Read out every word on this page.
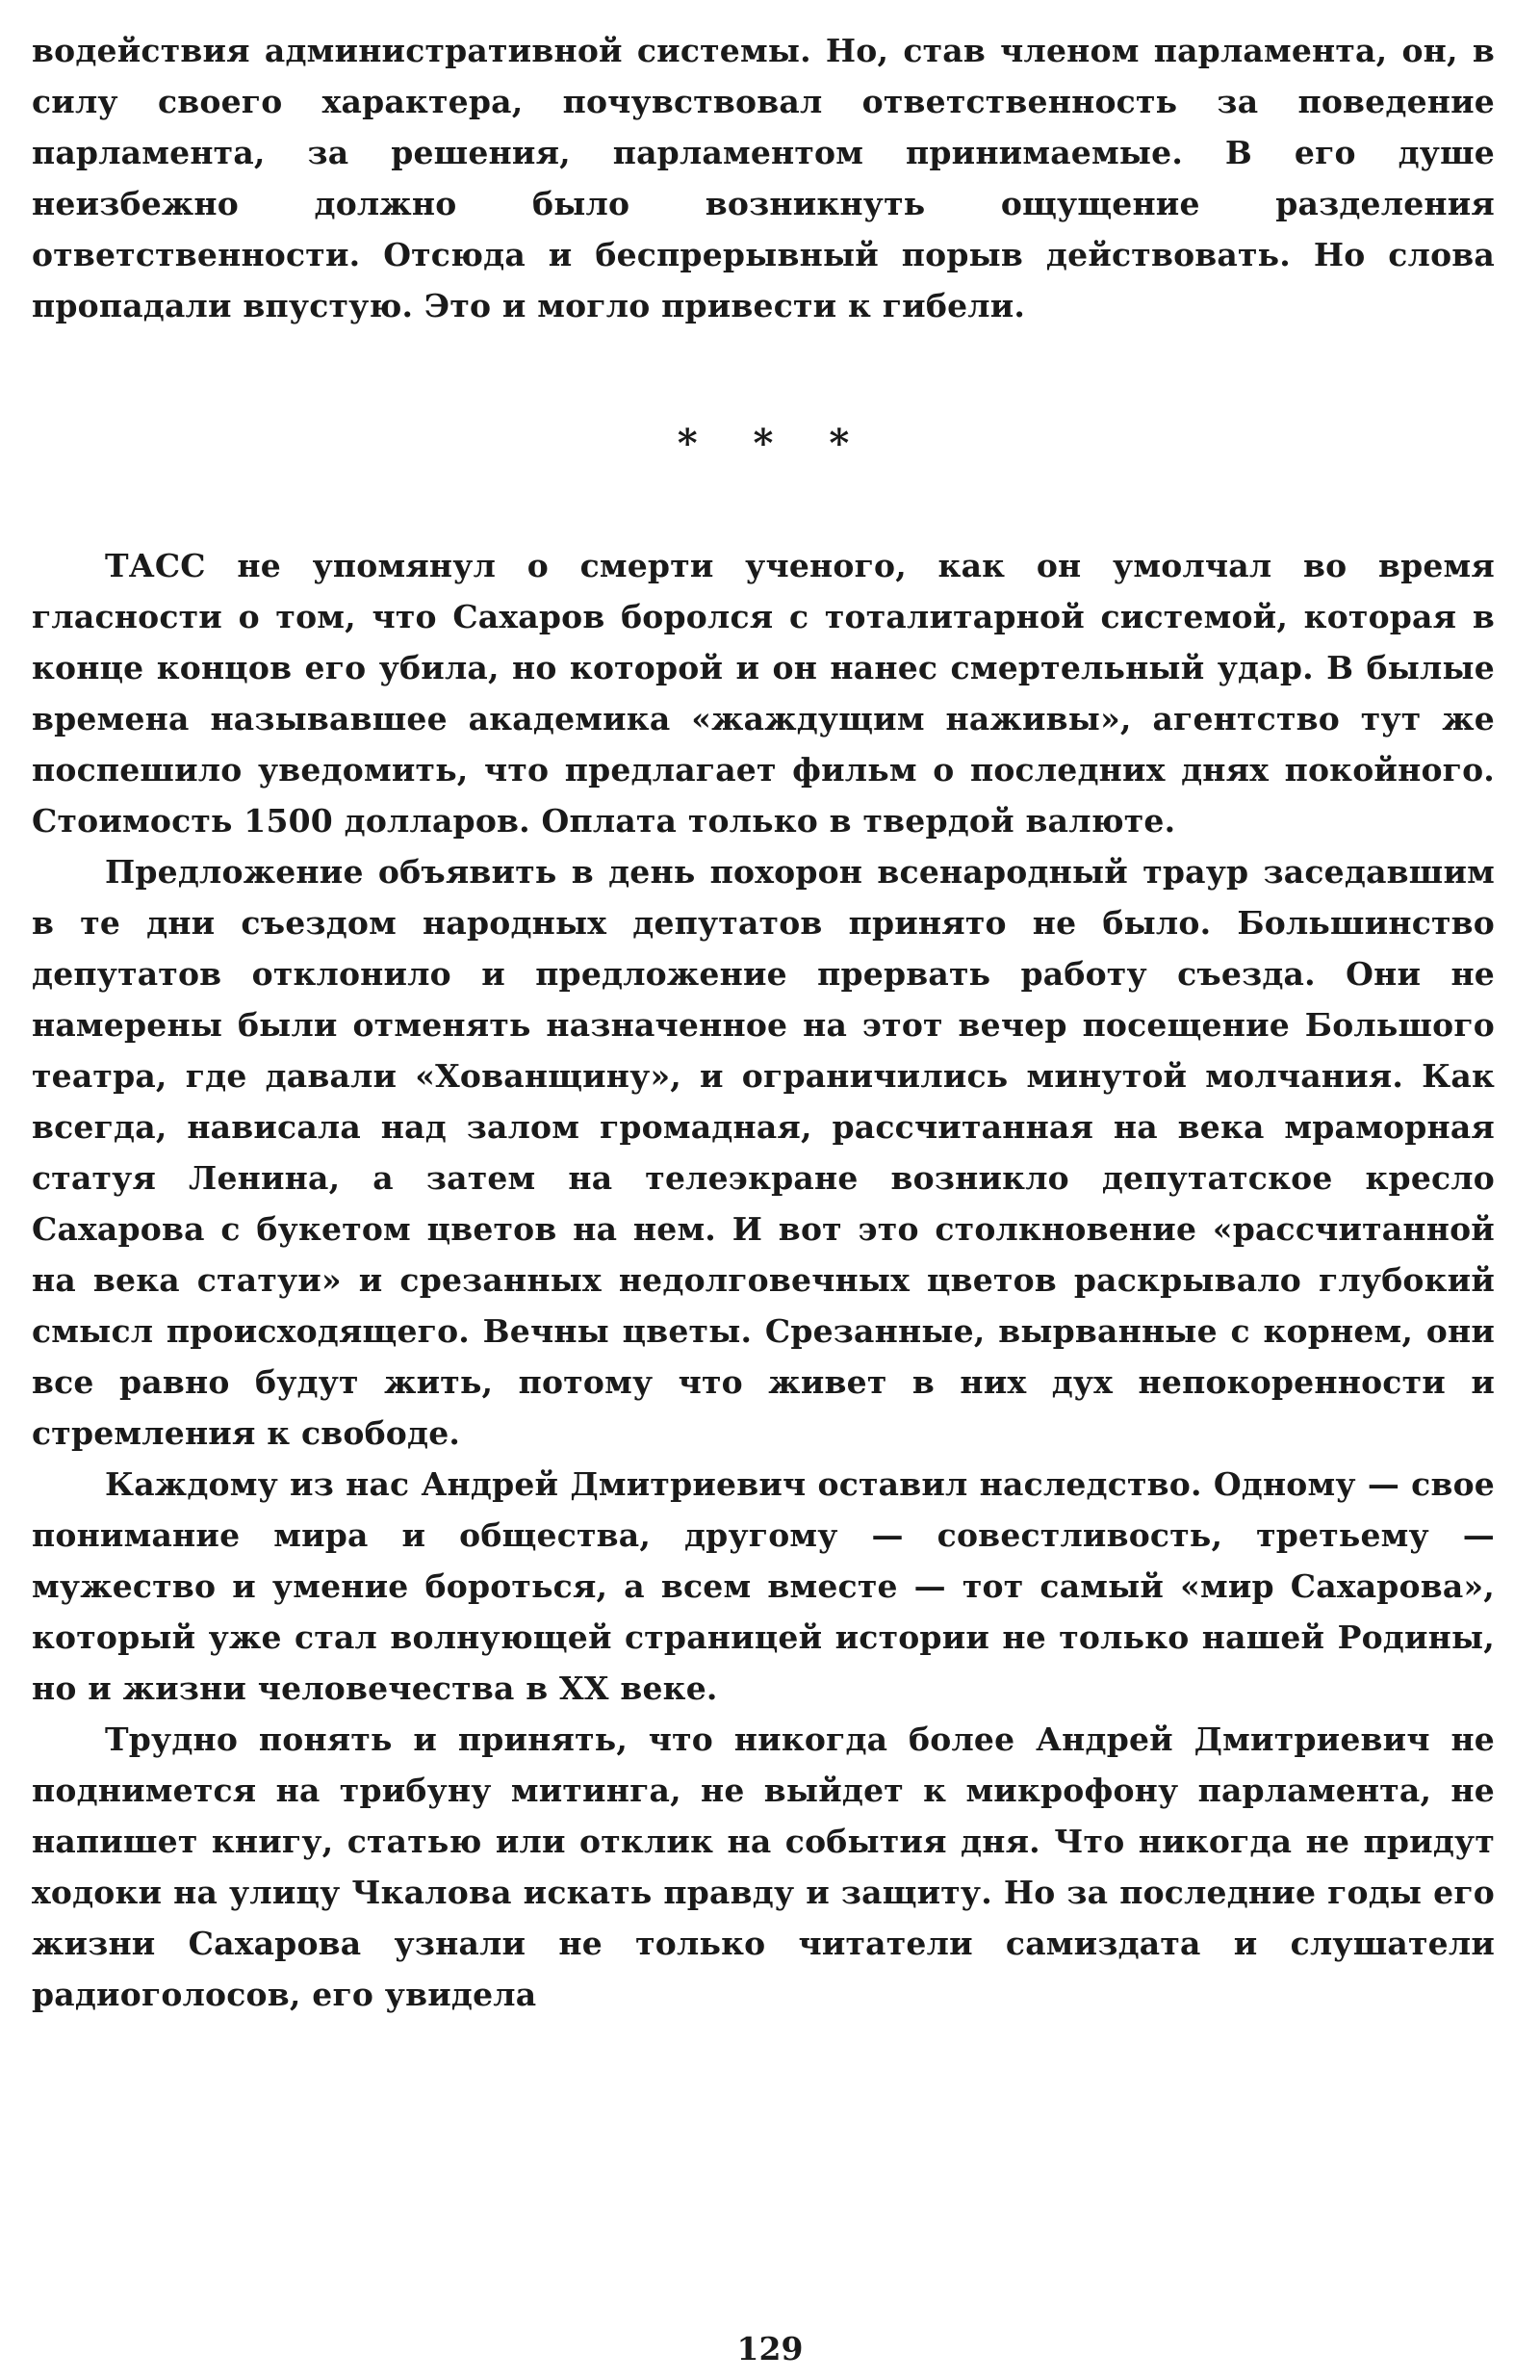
водействия административной системы. Но, став членом парламента, он, в силу своего характера, почувствовал ответственность за поведение парламента, за решения, парламентом принимаемые. В его душе неизбежно должно было возникнуть ощущение разделения ответственности. Отсюда и беспрерывный порыв действовать. Но слова пропадали впустую. Это и могло привести к гибели.

* * *

ТАСС не упомянул о смерти ученого, как он умолчал во время гласности о том, что Сахаров боролся с тоталитарной системой, которая в конце концов его убила, но которой и он нанес смертельный удар. В былые времена называвшее академика «жаждущим наживы», агентство тут же поспешило уведомить, что предлагает фильм о последних днях покойного. Стоимость 1500 долларов. Оплата только в твердой валюте.

Предложение объявить в день похорон всенародный траур заседавшим в те дни съездом народных депутатов принято не было. Большинство депутатов отклонило и предложение прервать работу съезда. Они не намерены были отменять назначенное на этот вечер посещение Большого театра, где давали «Хованщину», и ограничились минутой молчания. Как всегда, нависала над залом громадная, рассчитанная на века мраморная статуя Ленина, а затем на телеэкране возникло депутатское кресло Сахарова с букетом цветов на нем. И вот это столкновение «рассчитанной на века статуи» и срезанных недолговечных цветов раскрывало глубокий смысл происходящего. Вечны цветы. Срезанные, вырванные с корнем, они все равно будут жить, потому что живет в них дух непокоренности и стремления к свободе.

Каждому из нас Андрей Дмитриевич оставил наследство. Одному — свое понимание мира и общества, другому — совестливость, третьему — мужество и умение бороться, а всем вместе — тот самый «мир Сахарова», который уже стал волнующей страницей истории не только нашей Родины, но и жизни человечества в XX веке.

Трудно понять и принять, что никогда более Андрей Дмитриевич не поднимется на трибуну митинга, не выйдет к микрофону парламента, не напишет книгу, статью или отклик на события дня. Что никогда не придут ходоки на улицу Чкалова искать правду и защиту. Но за последние годы его жизни Сахарова узнали не только читатели самиздата и слушатели радиоголосов, его увидела

129
